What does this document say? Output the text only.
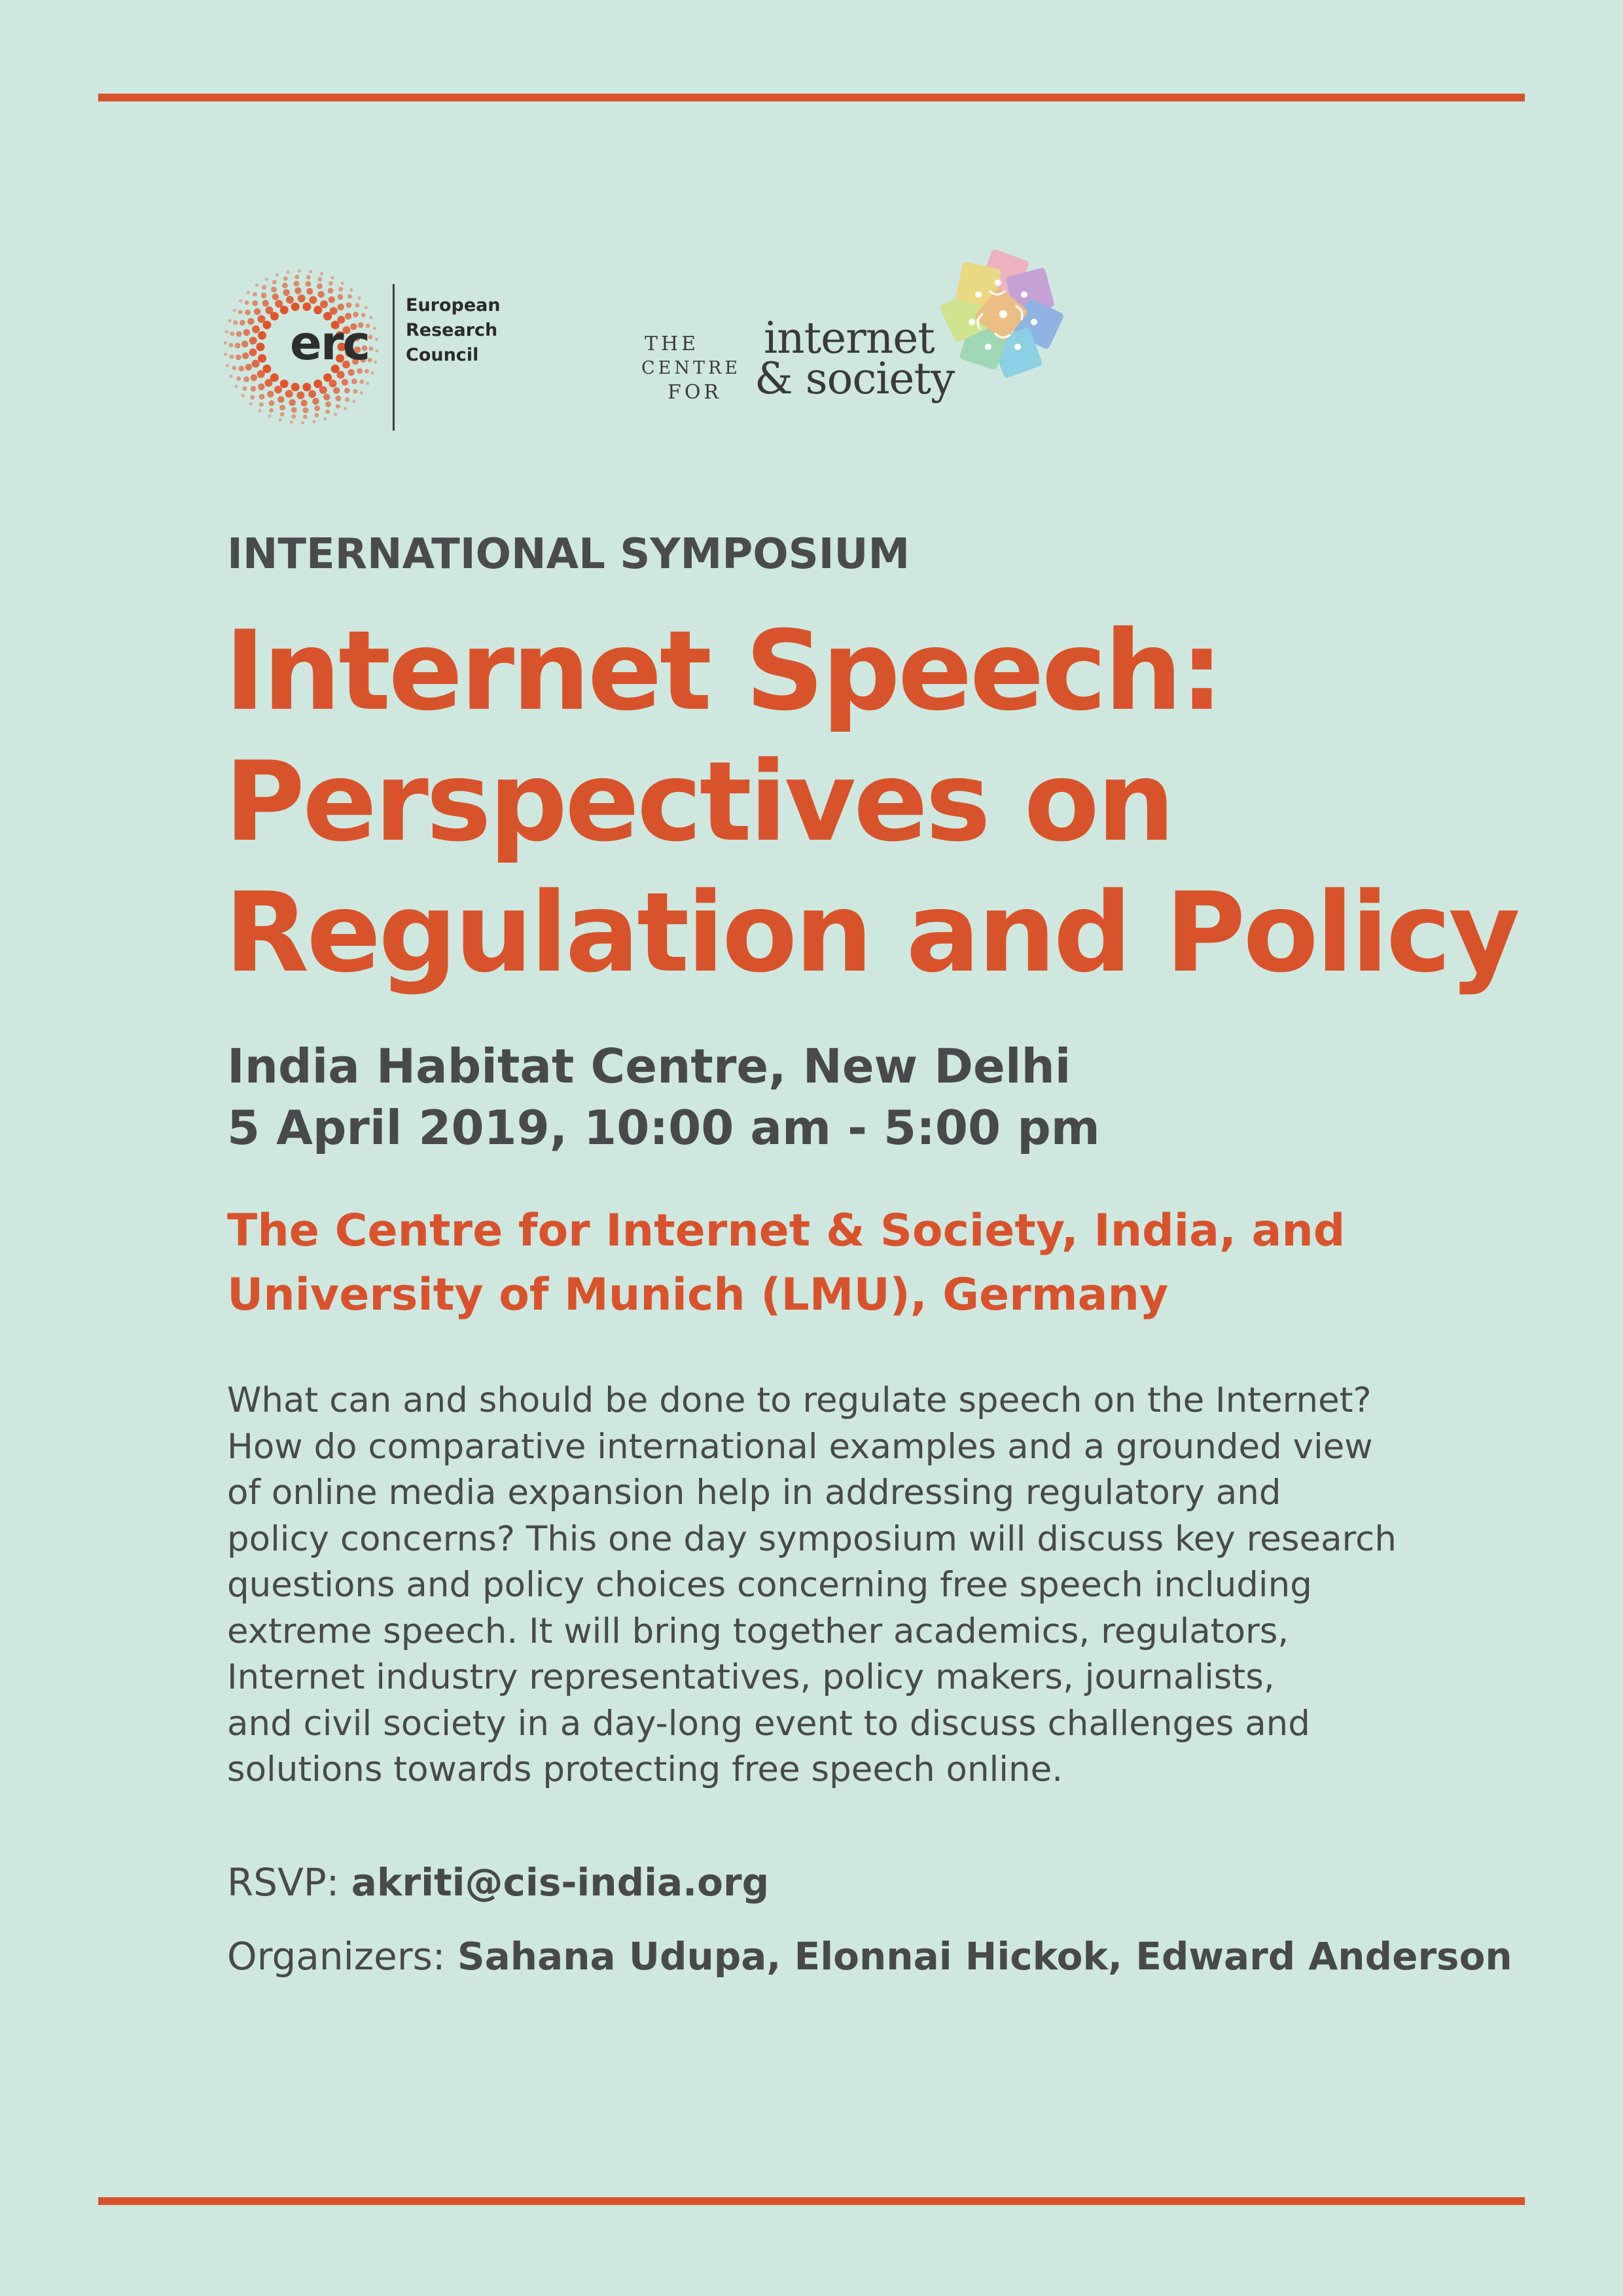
erc
European
Research
Council	THE
CENTRE
FOR
internet
& society
INTERNATIONAL SYMPOSIUM
Internet Speech:
Perspectives on
Regulation and Policy
India Habitat Centre, New Delhi
5 April 2019, 10:00 am - 5:00 pm
The Centre for Internet & Society, India, and
University of Munich (LMU), Germany
What can and should be done to regulate speech on the Internet?
How do comparative international examples and a grounded view
of online media expansion help in addressing regulatory and
policy concerns? This one day symposium will discuss key research
questions and policy choices concerning free speech including
extreme speech. It will bring together academics, regulators,
Internet industry representatives, policy makers, journalists,
and civil society in a day-long event to discuss challenges and
solutions towards protecting free speech online.
RSVP: akriti@cis-india.org
Organizers: Sahana Udupa, Elonnai Hickok, Edward Anderson
